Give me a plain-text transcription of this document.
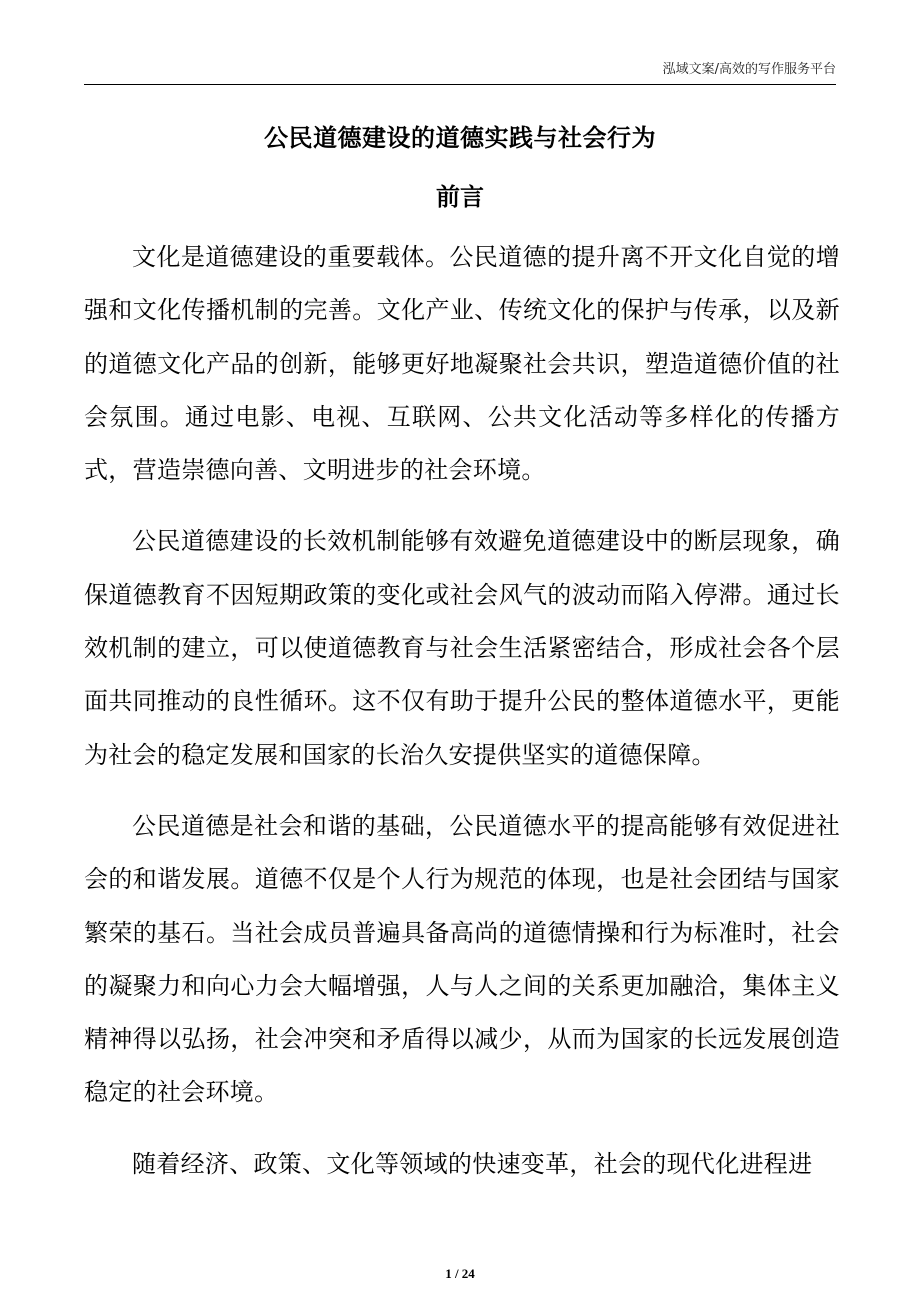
泓域文案/高效的写作服务平台
公民道德建设的道德实践与社会行为
前言

文化是道德建设的重要载体。公民道德的提升离不开文化自觉的增强和文化传播机制的完善。文化产业、传统文化的保护与传承，以及新的道德文化产品的创新，能够更好地凝聚社会共识，塑造道德价值的社会氛围。通过电影、电视、互联网、公共文化活动等多样化的传播方式，营造崇德向善、文明进步的社会环境。

公民道德建设的长效机制能够有效避免道德建设中的断层现象，确保道德教育不因短期政策的变化或社会风气的波动而陷入停滞。通过长效机制的建立，可以使道德教育与社会生活紧密结合，形成社会各个层面共同推动的良性循环。这不仅有助于提升公民的整体道德水平，更能为社会的稳定发展和国家的长治久安提供坚实的道德保障。

公民道德是社会和谐的基础，公民道德水平的提高能够有效促进社会的和谐发展。道德不仅是个人行为规范的体现，也是社会团结与国家繁荣的基石。当社会成员普遍具备高尚的道德情操和行为标准时，社会的凝聚力和向心力会大幅增强，人与人之间的关系更加融洽，集体主义精神得以弘扬，社会冲突和矛盾得以减少，从而为国家的长远发展创造稳定的社会环境。

随着经济、政策、文化等领域的快速变革，社会的现代化进程进

1 / 24
